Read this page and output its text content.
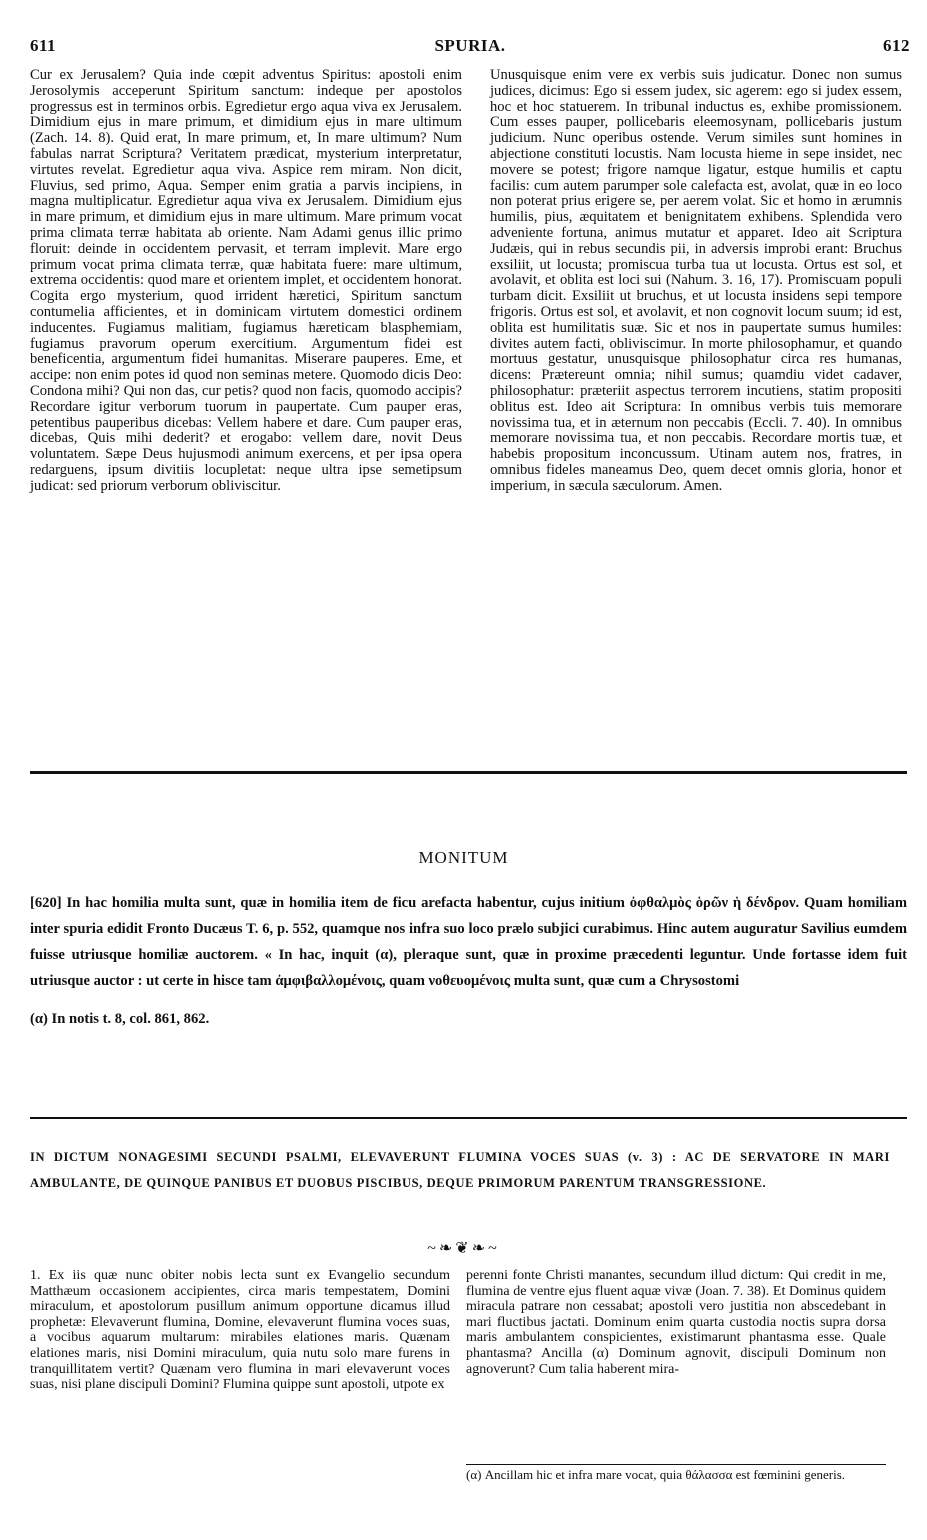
611	SPURIA.	612

Cur ex Jerusalem? Quia inde cœpit adventus Spiritus: apostoli enim Jerosolymis acceperunt Spiritum sanctum: indeque per apostolos progressus est in terminos orbis. Egredietur ergo aqua viva ex Jerusalem. Dimidium ejus in mare primum, et dimidium ejus in mare ultimum (Zach. 14. 8). Quid erat, In mare primum, et, In mare ultimum? Num fabulas narrat Scriptura? Veritatem prædicat, mysterium interpretatur, virtutes revelat. Egredietur aqua viva. Aspice rem miram. Non dicit, Fluvius, sed primo, Aqua. Semper enim gratia a parvis incipiens, in magna multiplicatur. Egredietur aqua viva ex Jerusalem. Dimidium ejus in mare primum, et dimidium ejus in mare ultimum. Mare primum vocat prima climata terræ habitata ab oriente. Nam Adami genus illic primo floruit: deinde in occidentem pervasit, et terram implevit. Mare ergo primum vocat prima climata terræ, quæ habitata fuere: mare ultimum, extrema occidentis: quod mare et orientem implet, et occidentem honorat. Cogita ergo mysterium, quod irrident hæretici, Spiritum sanctum contumelia afficientes, et in dominicam virtutem domestici ordinem inducentes. Fugiamus malitiam, fugiamus hæreticam blasphemiam, fugiamus pravorum operum exercitium. Argumentum fidei est beneficentia, argumentum fidei humanitas. Miserare pauperes. Eme, et accipe: non enim potes id quod non seminas metere. Quomodo dicis Deo: Condona mihi? Qui non das, cur petis? quod non facis, quomodo accipis? Recordare igitur verborum tuorum in paupertate. Cum pauper eras, petentibus pauperibus dicebas: Vellem habere et dare. Cum pauper eras, dicebas, Quis mihi dederit? et erogabo: vellem dare, novit Deus voluntatem. Sæpe Deus hujusmodi animum exercens, et per ipsa opera redarguens, ipsum divitiis locupletat: neque ultra ipse semetipsum judicat: sed priorum verborum obliviscitur.

Unusquisque enim vere ex verbis suis judicatur. Donec non sumus judices, dicimus: Ego si essem judex, sic agerem: ego si judex essem, hoc et hoc statuerem. In tribunal inductus es, exhibe promissionem. Cum esses pauper, pollicebaris eleemosynam, pollicebaris justum judicium. Nunc operibus ostende. Verum similes sunt homines in abjectione constituti locustis. Nam locusta hieme in sepe insidet, nec movere se potest; frigore namque ligatur, estque humilis et captu facilis: cum autem parumper sole calefacta est, avolat, quæ in eo loco non poterat prius erigere se, per aerem volat. Sic et homo in ærumnis humilis, pius, æquitatem et benignitatem exhibens. Splendida vero adveniente fortuna, animus mutatur et apparet. Ideo ait Scriptura Judæis, qui in rebus secundis pii, in adversis improbi erant: Bruchus exsiliit, ut locusta; promiscua turba tua ut locusta. Ortus est sol, et avolavit, et oblita est loci sui (Nahum. 3. 16, 17). Promiscuam populi turbam dicit. Exsiliit ut bruchus, et ut locusta insidens sepi tempore frigoris. Ortus est sol, et avolavit, et non cognovit locum suum; id est, oblita est humilitatis suæ. Sic et nos in paupertate sumus humiles: divites autem facti, obliviscimur. In morte philosophamur, et quando mortuus gestatur, unusquisque philosophatur circa res humanas, dicens: Prætereunt omnia; nihil sumus; quamdiu videt cadaver, philosophatur: præteriit aspectus terrorem incutiens, statim propositi oblitus est. Ideo ait Scriptura: In omnibus verbis tuis memorare novissima tua, et in æternum non peccabis (Eccli. 7. 40). In omnibus memorare novissima tua, et non peccabis. Recordare mortis tuæ, et habebis propositum inconcussum. Utinam autem nos, fratres, in omnibus fideles maneamus Deo, quem decet omnis gloria, honor et imperium, in sæcula sæculorum. Amen.

MONITUM

[620] In hac homilia multa sunt, quæ in homilia item de ficu arefacta habentur, cujus initium ὀφθαλμὸς ὁρῶν ἡ δένδρον. Quam homiliam inter spuria edidit Fronto Ducæus T. 6, p. 552, quamque nos infra suo loco prælo subjici curabimus. Hinc autem auguratur Savilius eumdem fuisse utriusque homiliæ auctorem. « In hac, inquit (α), pleraque sunt, quæ in proxime præcedenti leguntur. Unde fortasse idem fuit utriusque auctor : ut certe in hisce tam ἀμφιβαλλομένοις, quam νοθευομένοις multa sunt, quæ cum a Chrysostomi

(α) In notis t. 8, col. 861, 862.

IN DICTUM NONAGESIMI SECUNDI PSALMI, ELEVAVERUNT FLUMINA VOCES SUAS (v. 3) : AC DE SERVATORE IN MARI AMBULANTE, DE QUINQUE PANIBUS ET DUOBUS PISCIBUS, DEQUE PRIMORUM PARENTUM TRANSGRESSIONE.
~❧❦❧~

1. Ex iis quæ nunc obiter nobis lecta sunt ex Evangelio secundum Matthæum occasionem accipientes, circa maris tempestatem, Domini miraculum, et apostolorum pusillum animum opportune dicamus illud prophetæ: Elevaverunt flumina, Domine, elevaverunt flumina voces suas, a vocibus aquarum multarum: mirabiles elationes maris. Quænam elationes maris, nisi Domini miraculum, quia nutu solo mare furens in tranquillitatem vertit? Quænam vero flumina in mari elevaverunt voces suas, nisi plane discipuli Domini? Flumina quippe sunt apostoli, utpote ex

perenni fonte Christi manantes, secundum illud dictum: Qui credit in me, flumina de ventre ejus fluent aquæ vivæ (Joan. 7. 38). Et Dominus quidem miracula patrare non cessabat; apostoli vero justitia non abscedebant in mari fluctibus jactati. Dominum enim quarta custodia noctis supra dorsa maris ambulantem conspicientes, existimarunt phantasma esse. Quale phantasma? Ancilla (α) Dominum agnovit, discipuli Dominum non agnoverunt? Cum talia haberent mira-

(α) Ancillam hic et infra mare vocat, quia θάλασσα est fœminini generis.
